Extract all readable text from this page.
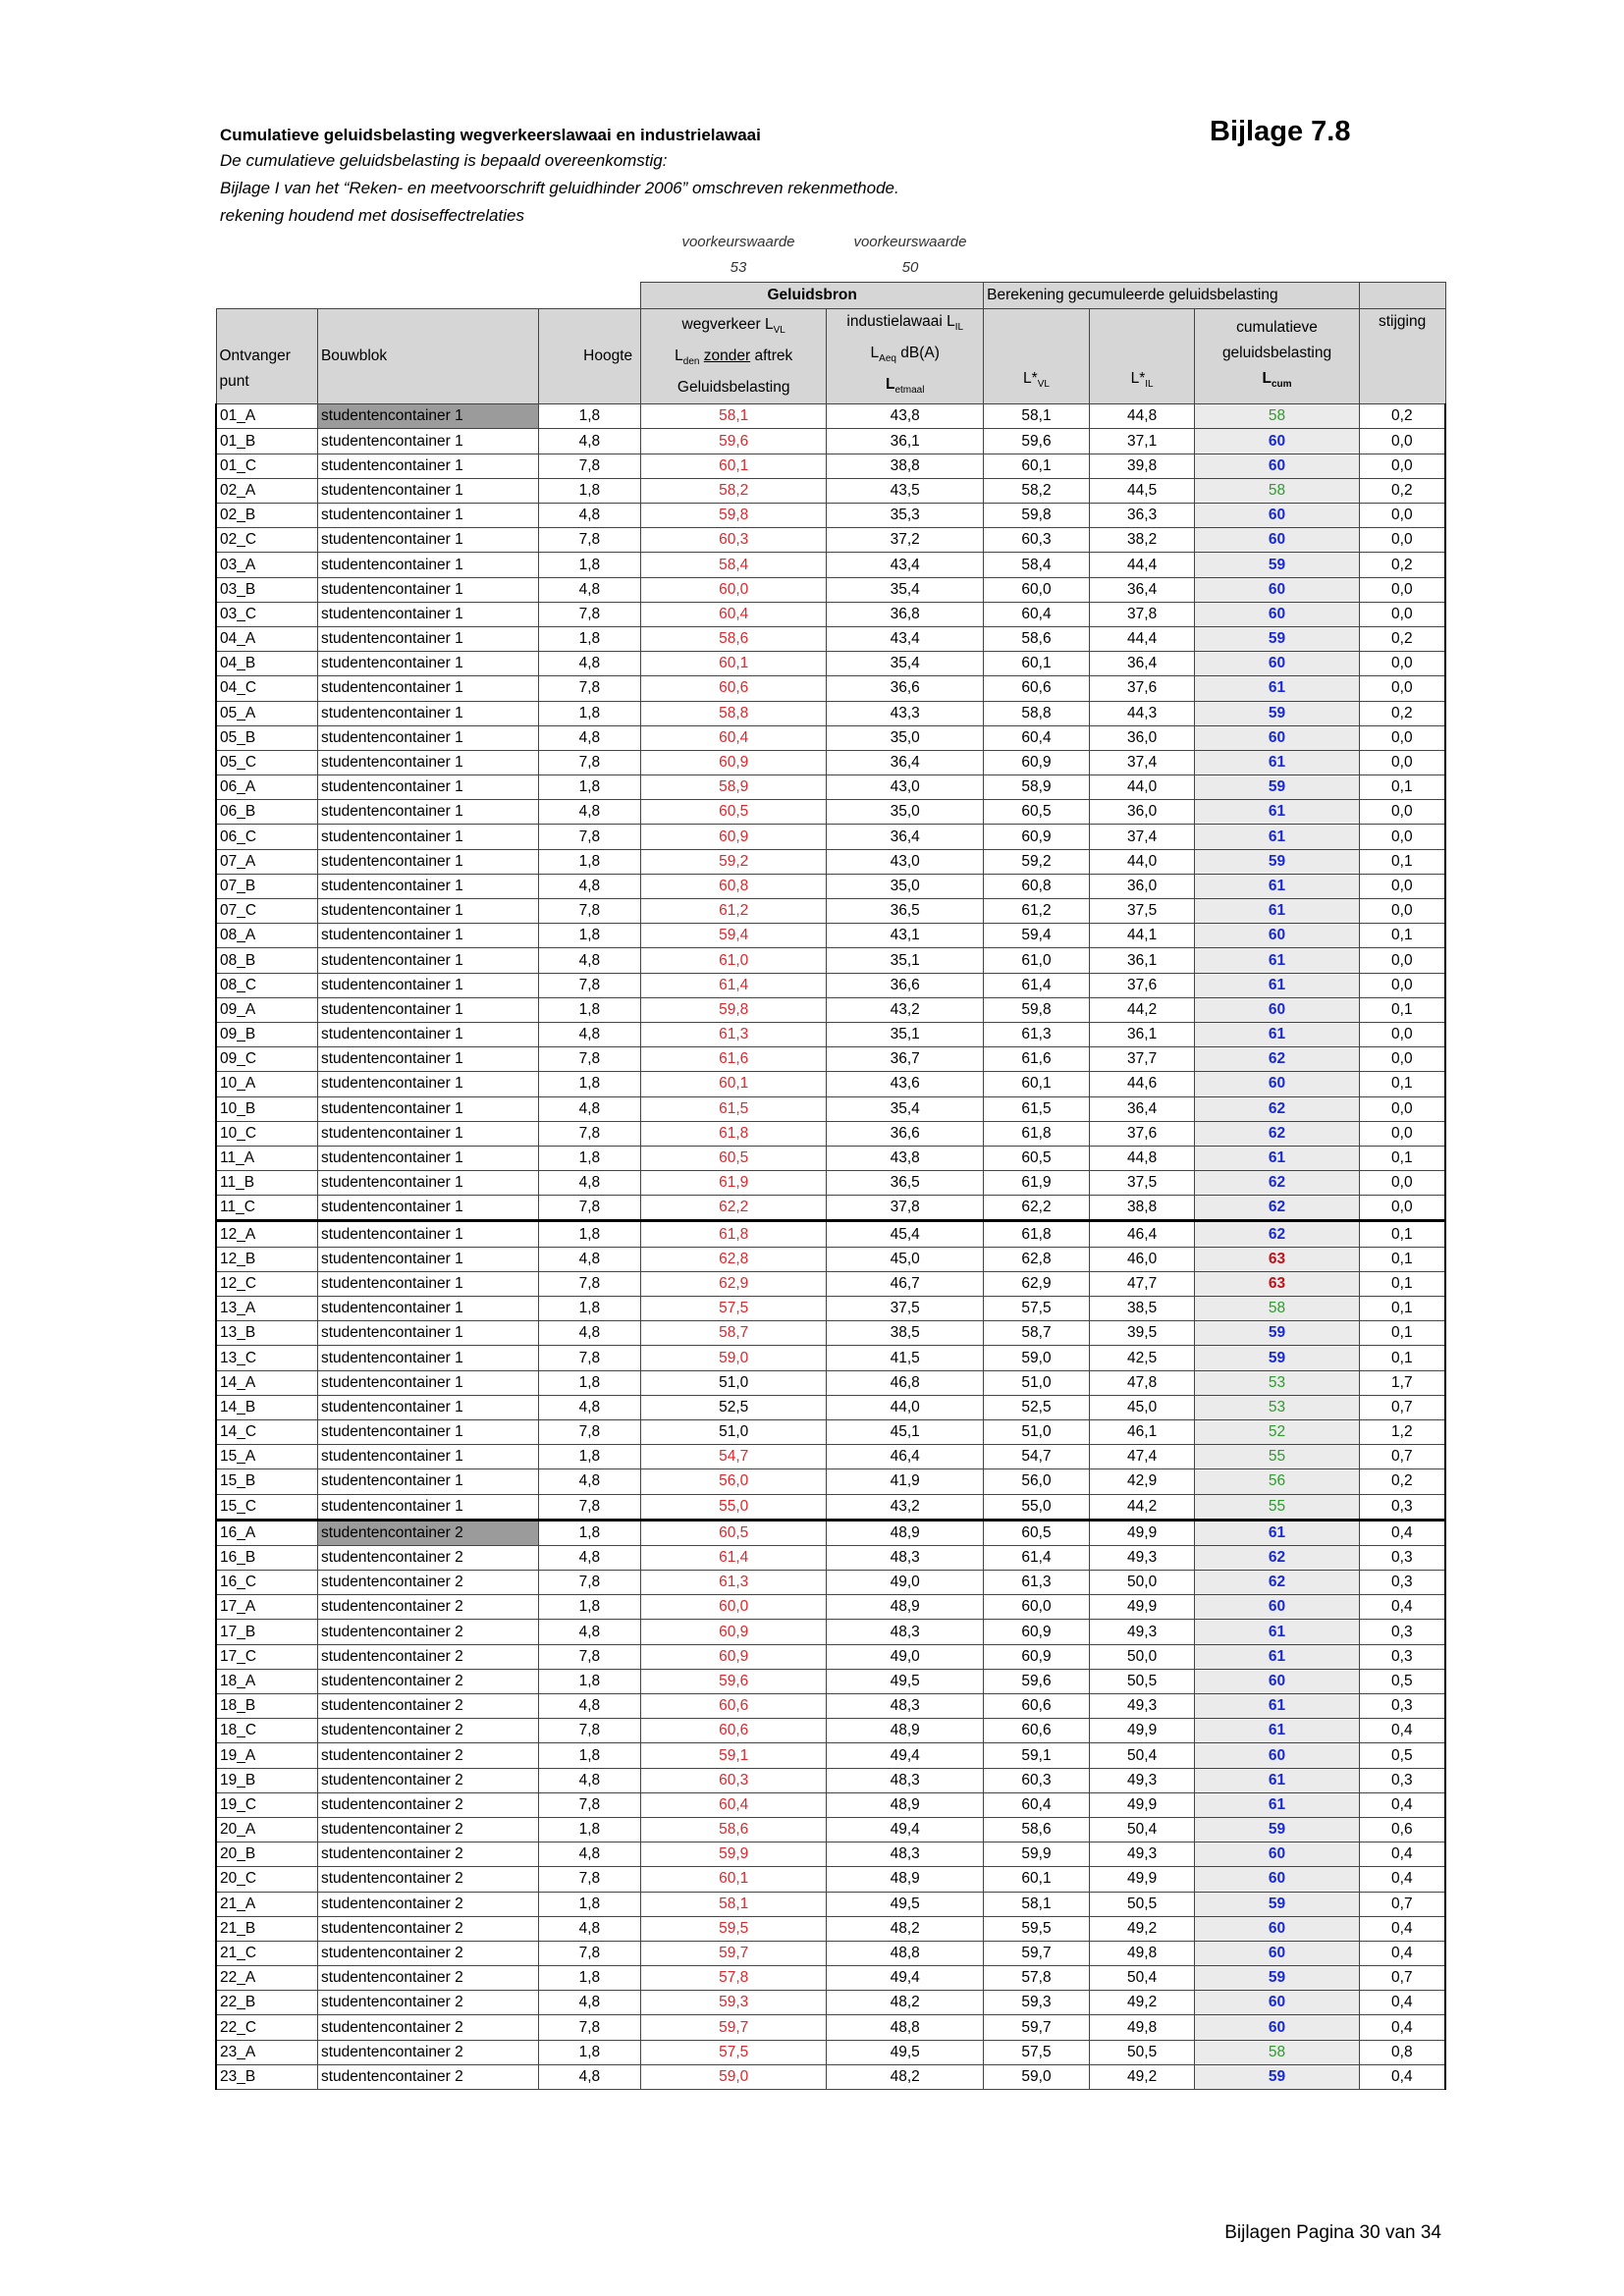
Cumulatieve geluidsbelasting wegverkeerslawaai en industrielawaai	Bijlage 7.8
De cumulatieve geluidsbelasting is bepaald overeenkomstig:
Bijlage I van het “Reken- en meetvoorschrift geluidhinder 2006” omschreven rekenmethode.
rekening houdend met dosiseffectrelaties
voorkeurswaarde	voorkeurswaarde
53	50
			Geluidsbron		Berekening gecumuleerde geluidsbelasting			

Ontvanger
punt	Bouwblok	Hoogte	wegverkeer $L_{VL}$
$L_{den}$ zonder aftrek
Geluidsbelasting	industielawaai $L_{IL}$
$L_{Aeq}$ dB(A)
$L_{etmaal}$	$L*_{VL}$	$L*_{IL}$	cumulatieve
geluidsbelasting
$L_{cum}$	stijging
01_A	studentencontainer 1	1,8	58,1	43,8	58,1	44,8	58	0,2
01_B	studentencontainer 1	4,8	59,6	36,1	59,6	37,1	60	0,0
01_C	studentencontainer 1	7,8	60,1	38,8	60,1	39,8	60	0,0
02_A	studentencontainer 1	1,8	58,2	43,5	58,2	44,5	58	0,2
02_B	studentencontainer 1	4,8	59,8	35,3	59,8	36,3	60	0,0
02_C	studentencontainer 1	7,8	60,3	37,2	60,3	38,2	60	0,0
03_A	studentencontainer 1	1,8	58,4	43,4	58,4	44,4	59	0,2
03_B	studentencontainer 1	4,8	60,0	35,4	60,0	36,4	60	0,0
03_C	studentencontainer 1	7,8	60,4	36,8	60,4	37,8	60	0,0
04_A	studentencontainer 1	1,8	58,6	43,4	58,6	44,4	59	0,2
04_B	studentencontainer 1	4,8	60,1	35,4	60,1	36,4	60	0,0
04_C	studentencontainer 1	7,8	60,6	36,6	60,6	37,6	61	0,0
05_A	studentencontainer 1	1,8	58,8	43,3	58,8	44,3	59	0,2
05_B	studentencontainer 1	4,8	60,4	35,0	60,4	36,0	60	0,0
05_C	studentencontainer 1	7,8	60,9	36,4	60,9	37,4	61	0,0
06_A	studentencontainer 1	1,8	58,9	43,0	58,9	44,0	59	0,1
06_B	studentencontainer 1	4,8	60,5	35,0	60,5	36,0	61	0,0
06_C	studentencontainer 1	7,8	60,9	36,4	60,9	37,4	61	0,0
07_A	studentencontainer 1	1,8	59,2	43,0	59,2	44,0	59	0,1
07_B	studentencontainer 1	4,8	60,8	35,0	60,8	36,0	61	0,0
07_C	studentencontainer 1	7,8	61,2	36,5	61,2	37,5	61	0,0
08_A	studentencontainer 1	1,8	59,4	43,1	59,4	44,1	60	0,1
08_B	studentencontainer 1	4,8	61,0	35,1	61,0	36,1	61	0,0
08_C	studentencontainer 1	7,8	61,4	36,6	61,4	37,6	61	0,0
09_A	studentencontainer 1	1,8	59,8	43,2	59,8	44,2	60	0,1
09_B	studentencontainer 1	4,8	61,3	35,1	61,3	36,1	61	0,0
09_C	studentencontainer 1	7,8	61,6	36,7	61,6	37,7	62	0,0
10_A	studentencontainer 1	1,8	60,1	43,6	60,1	44,6	60	0,1
10_B	studentencontainer 1	4,8	61,5	35,4	61,5	36,4	62	0,0
10_C	studentencontainer 1	7,8	61,8	36,6	61,8	37,6	62	0,0
11_A	studentencontainer 1	1,8	60,5	43,8	60,5	44,8	61	0,1
11_B	studentencontainer 1	4,8	61,9	36,5	61,9	37,5	62	0,0
11_C	studentencontainer 1	7,8	62,2	37,8	62,2	38,8	62	0,0
12_A	studentencontainer 1	1,8	61,8	45,4	61,8	46,4	62	0,1
12_B	studentencontainer 1	4,8	62,8	45,0	62,8	46,0	63	0,1
12_C	studentencontainer 1	7,8	62,9	46,7	62,9	47,7	63	0,1
13_A	studentencontainer 1	1,8	57,5	37,5	57,5	38,5	58	0,1
13_B	studentencontainer 1	4,8	58,7	38,5	58,7	39,5	59	0,1
13_C	studentencontainer 1	7,8	59,0	41,5	59,0	42,5	59	0,1
14_A	studentencontainer 1	1,8	51,0	46,8	51,0	47,8	53	1,7
14_B	studentencontainer 1	4,8	52,5	44,0	52,5	45,0	53	0,7
14_C	studentencontainer 1	7,8	51,0	45,1	51,0	46,1	52	1,2
15_A	studentencontainer 1	1,8	54,7	46,4	54,7	47,4	55	0,7
15_B	studentencontainer 1	4,8	56,0	41,9	56,0	42,9	56	0,2
15_C	studentencontainer 1	7,8	55,0	43,2	55,0	44,2	55	0,3
16_A	studentencontainer 2	1,8	60,5	48,9	60,5	49,9	61	0,4
16_B	studentencontainer 2	4,8	61,4	48,3	61,4	49,3	62	0,3
16_C	studentencontainer 2	7,8	61,3	49,0	61,3	50,0	62	0,3
17_A	studentencontainer 2	1,8	60,0	48,9	60,0	49,9	60	0,4
17_B	studentencontainer 2	4,8	60,9	48,3	60,9	49,3	61	0,3
17_C	studentencontainer 2	7,8	60,9	49,0	60,9	50,0	61	0,3
18_A	studentencontainer 2	1,8	59,6	49,5	59,6	50,5	60	0,5
18_B	studentencontainer 2	4,8	60,6	48,3	60,6	49,3	61	0,3
18_C	studentencontainer 2	7,8	60,6	48,9	60,6	49,9	61	0,4
19_A	studentencontainer 2	1,8	59,1	49,4	59,1	50,4	60	0,5
19_B	studentencontainer 2	4,8	60,3	48,3	60,3	49,3	61	0,3
19_C	studentencontainer 2	7,8	60,4	48,9	60,4	49,9	61	0,4
20_A	studentencontainer 2	1,8	58,6	49,4	58,6	50,4	59	0,6
20_B	studentencontainer 2	4,8	59,9	48,3	59,9	49,3	60	0,4
20_C	studentencontainer 2	7,8	60,1	48,9	60,1	49,9	60	0,4
21_A	studentencontainer 2	1,8	58,1	49,5	58,1	50,5	59	0,7
21_B	studentencontainer 2	4,8	59,5	48,2	59,5	49,2	60	0,4
21_C	studentencontainer 2	7,8	59,7	48,8	59,7	49,8	60	0,4
22_A	studentencontainer 2	1,8	57,8	49,4	57,8	50,4	59	0,7
22_B	studentencontainer 2	4,8	59,3	48,2	59,3	49,2	60	0,4
22_C	studentencontainer 2	7,8	59,7	48,8	59,7	49,8	60	0,4
23_A	studentencontainer 2	1,8	57,5	49,5	57,5	50,5	58	0,8
23_B	studentencontainer 2	4,8	59,0	48,2	59,0	49,2	59	0,4
Bijlagen Pagina 30 van 34
